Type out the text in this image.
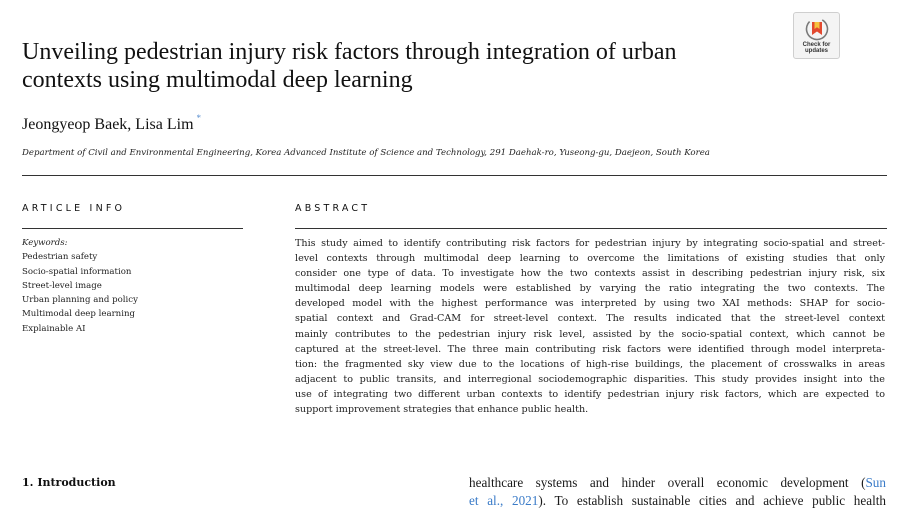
Unveiling pedestrian injury risk factors through integration of urban
contexts using multimodal deep learning
Check for
updates
Jeongyeop Baek, Lisa Lim *
Department of Civil and Environmental Engineering, Korea Advanced Institute of Science and Technology, 291 Daehak-ro, Yuseong-gu, Daejeon, South Korea
ARTICLE INFO	ABSTRACT
Keywords:
Pedestrian safety
Socio-spatial information
Street-level image
Urban planning and policy
Multimodal deep learning
Explainable AI
This study aimed to identify contributing risk factors for pedestrian injury by integrating socio-spatial and street-
level contexts through multimodal deep learning to overcome the limitations of existing studies that only
consider one type of data. To investigate how the two contexts assist in describing pedestrian injury risk, six
multimodal deep learning models were established by varying the ratio integrating the two contexts. The
developed model with the highest performance was interpreted by using two XAI methods: SHAP for socio-
spatial context and Grad-CAM for street-level context. The results indicated that the street-level context
mainly contributes to the pedestrian injury risk level, assisted by the socio-spatial context, which cannot be
captured at the street-level. The three main contributing risk factors were identified through model interpreta-
tion: the fragmented sky view due to the locations of high-rise buildings, the placement of crosswalks in areas
adjacent to public transits, and interregional sociodemographic disparities. This study provides insight into the
use of integrating two different urban contexts to identify pedestrian injury risk factors, which are expected to
support improvement strategies that enhance public health.
1. Introduction	healthcare systems and hinder overall economic development (Sun
et al., 2021). To establish sustainable cities and achieve public health
